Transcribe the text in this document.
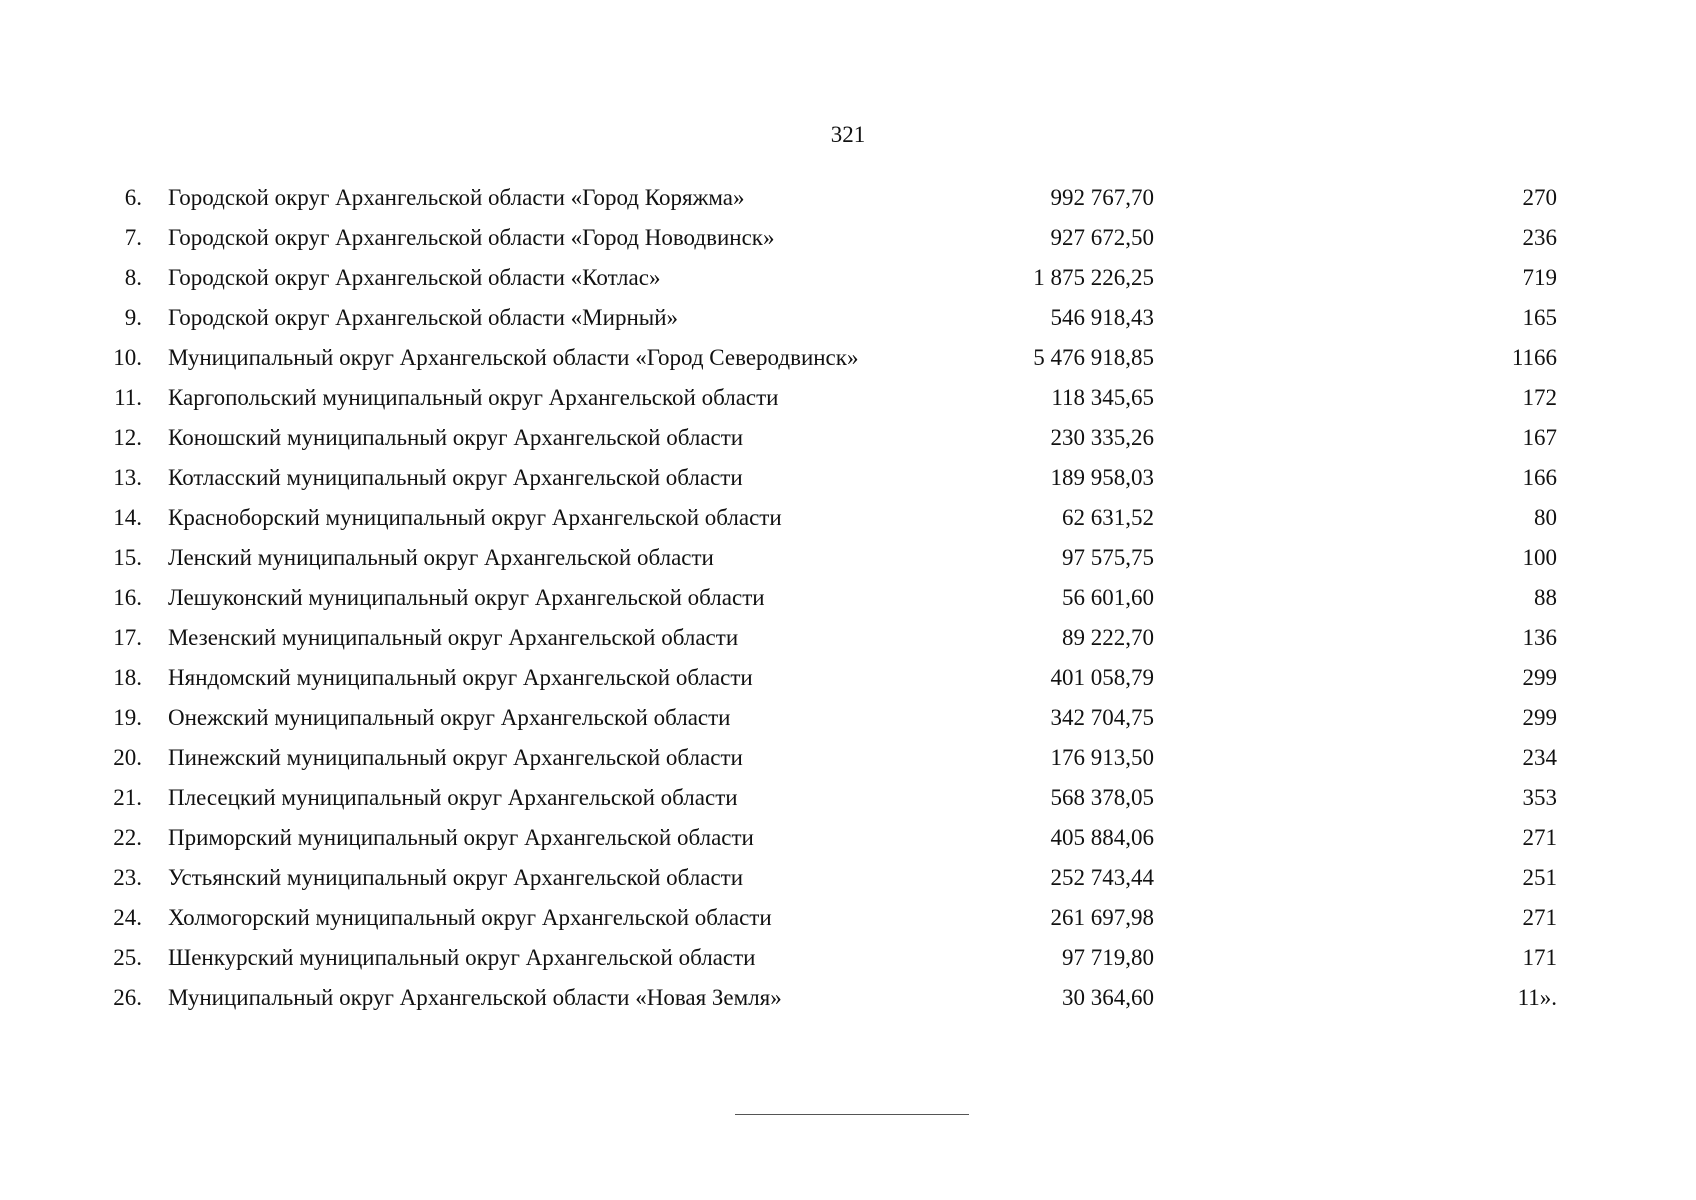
321
6. Городской округ Архангельской области «Город Коряжма»	992 767,70	270
7. Городской округ Архангельской области «Город Новодвинск»	927 672,50	236
8. Городской округ Архангельской области «Котлас»	1 875 226,25	719
9. Городской округ Архангельской области «Мирный»	546 918,43	165
10. Муниципальный округ Архангельской области «Город Северодвинск»	5 476 918,85	1166
11. Каргопольский муниципальный округ Архангельской области	118 345,65	172
12. Коношский муниципальный округ Архангельской области	230 335,26	167
13. Котласский муниципальный округ Архангельской области	189 958,03	166
14. Красноборский муниципальный округ Архангельской области	62 631,52	80
15. Ленский муниципальный округ Архангельской области	97 575,75	100
16. Лешуконский муниципальный округ Архангельской области	56 601,60	88
17. Мезенский муниципальный округ Архангельской области	89 222,70	136
18. Няндомский муниципальный округ Архангельской области	401 058,79	299
19. Онежский муниципальный округ Архангельской области	342 704,75	299
20. Пинежский муниципальный округ Архангельской области	176 913,50	234
21. Плесецкий муниципальный округ Архангельской области	568 378,05	353
22. Приморский муниципальный округ Архангельской области	405 884,06	271
23. Устьянский муниципальный округ Архангельской области	252 743,44	251
24. Холмогорский муниципальный округ Архангельской области	261 697,98	271
25. Шенкурский муниципальный округ Архангельской области	97 719,80	171
26. Муниципальный округ Архангельской области «Новая Земля»	30 364,60	11».
